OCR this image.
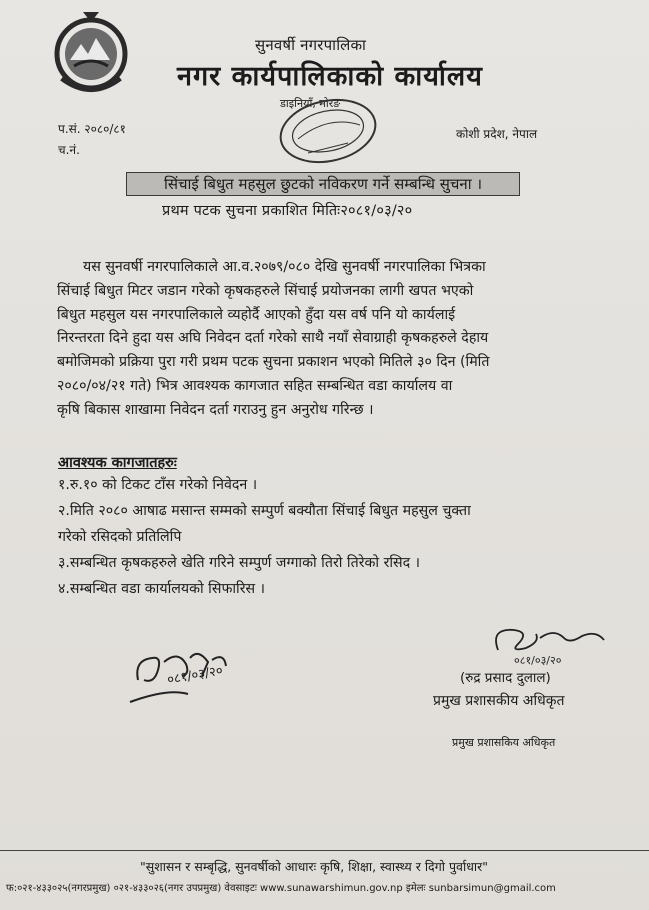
सुनवर्षी नगरपालिका
नगर कार्यपालिकाको कार्यालय
डाइनियाँ, मोरङ
प.सं. २०८०/८१
च.नं.
कोशी प्रदेश, नेपाल
सिंचाई बिधुत महसुल छुटको नविकरण गर्ने सम्बन्धि सुचना ।
प्रथम पटक सुचना प्रकाशित मितिः२०८१/०३/२०
यस सुनवर्षी नगरपालिकाले आ.व.२०७९/०८० देखि सुनवर्षी नगरपालिका भित्रका
सिंचाई बिधुत मिटर जडान गरेको कृषकहरुले सिंचाई प्रयोजनका लागी खपत भएको
बिधुत महसुल यस नगरपालिकाले व्यहोर्दै आएको हुँदा यस वर्ष पनि यो कार्यलाई
निरन्तरता दिने हुदा यस अघि निवेदन दर्ता गरेको साथै नयाँ सेवाग्राही कृषकहरुले देहाय
बमोजिमको प्रक्रिया पुरा गरी प्रथम पटक सुचना प्रकाशन भएको मितिले ३० दिन (मिति
२०८०/०४/२१ गते) भित्र आवश्यक कागजात सहित सम्बन्धित वडा कार्यालय वा
कृषि बिकास शाखामा निवेदन दर्ता गराउनु हुन अनुरोध गरिन्छ ।
आवश्यक कागजातहरुः
१.रु.१० को टिकट टाँस गरेको निवेदन ।
२.मिति २०८० आषाढ मसान्त सम्मको सम्पुर्ण बक्यौता सिंचाई बिधुत महसुल चुक्ता
गरेको रसिदको प्रतिलिपि
३.सम्बन्धित कृषकहरुले खेति गरिने सम्पुर्ण जग्गाको तिरो तिरेको रसिद ।
४.सम्बन्धित वडा कार्यालयको सिफारिस ।
०८१/०३/२०
०८१/०३/२०
(रुद्र प्रसाद दुलाल)
प्रमुख प्रशासकीय अधिकृत
प्रमुख प्रशासकिय अधिकृत
"सुशासन र सम्बृद्धि, सुनवर्षीको आधारः कृषि, शिक्षा, स्वास्थ्य र दिगो पुर्वाधार"
फ:०२१-४३३०२५(नगरप्रमुख) ०२१-४३३०२६(नगर उपप्रमुख) वेवसाइटः www.sunawarshimun.gov.np इमेलः sunbarsimun@gmail.com
